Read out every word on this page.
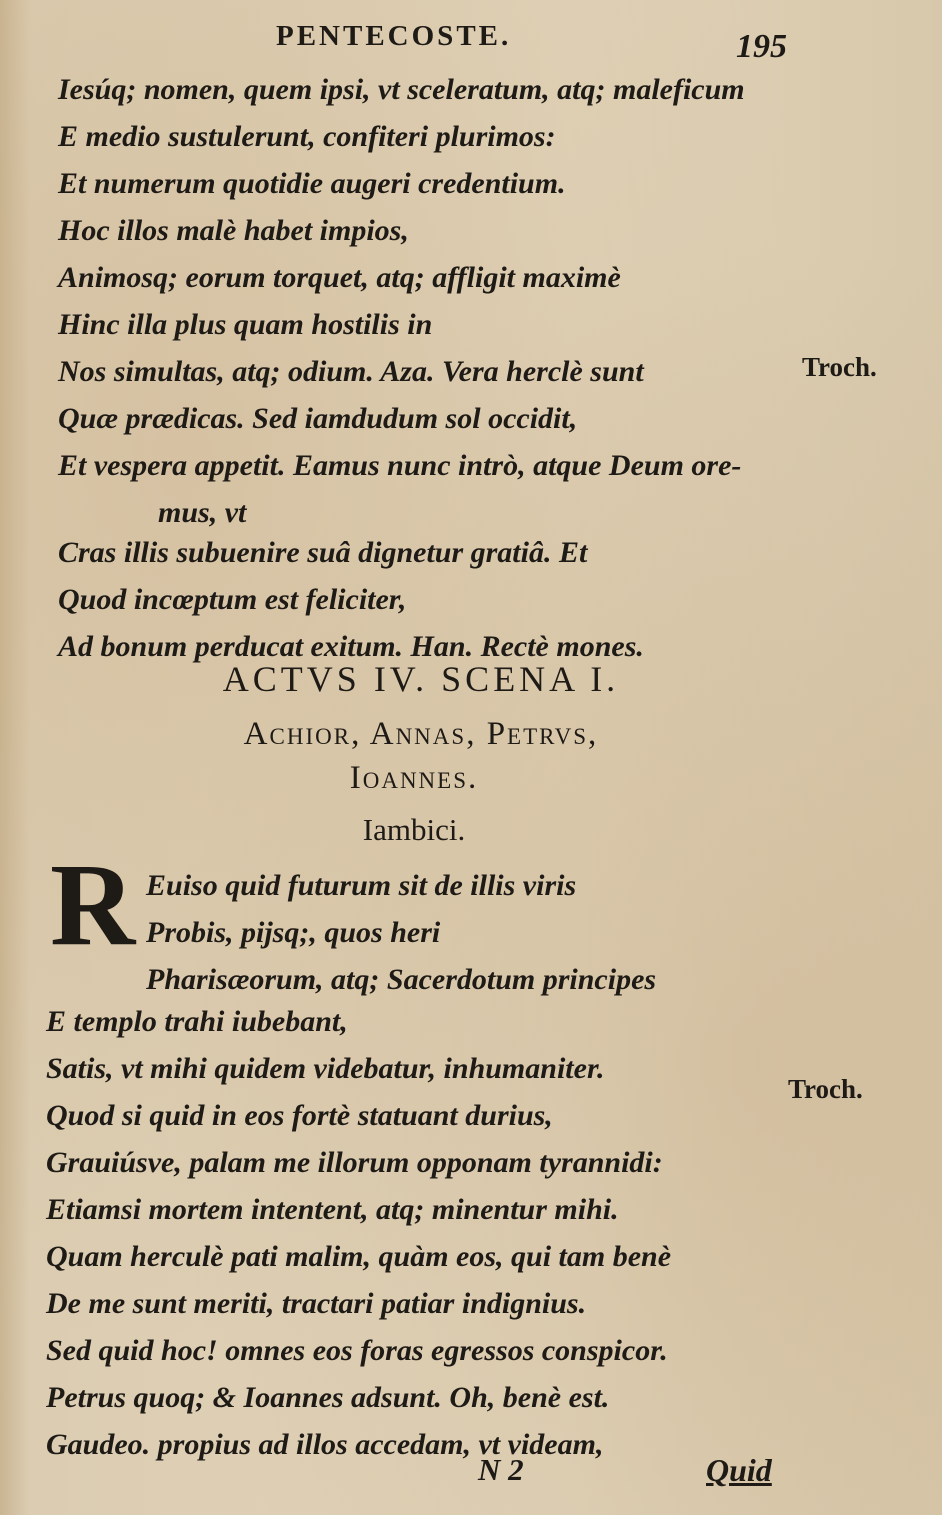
PENTECOSTE.	195
Iesúq; nomen, quem ipsi, vt sceleratum, atq; maleficum
E medio sustulerunt, confiteri plurimos:
Et numerum quotidie augeri credentium.
Hoc illos malè habet impios,
Animosq; eorum torquet, atq; affligit maximè
Hinc illa plus quam hostilis in
Nos simultas, atq; odium. Aza. Vera herclè sunt
Quæ prædicas. Sed iamdudum sol occidit,
Et vespera appetit. Eamus nunc intrò, atque Deum ore-
mus, vt
Cras illis subuenire suâ dignetur gratiâ. Et
Quod incœptum est feliciter,
Ad bonum perducat exitum. Han. Rectè mones.
Troch.
ACTVS IV. SCENA I.
Achior, Annas, Petrvs,
Ioannes.
Iambici.
R Euiso quid futurum sit de illis viris
Probis, pijsq;, quos heri
Pharisæorum, atq; Sacerdotum principes
E templo trahi iubebant,
Satis, vt mihi quidem videbatur, inhumaniter.
Quod si quid in eos fortè statuant durius,
Grauiúsve, palam me illorum opponam tyrannidi:
Etiamsi mortem intentent, atq; minentur mihi.
Quam herculè pati malim, quàm eos, qui tam benè
De me sunt meriti, tractari patiar indignius.
Sed quid hoc! omnes eos foras egressos conspicor.
Petrus quoq; & Ioannes adsunt. Oh, benè est.
Gaudeo. propius ad illos accedam, vt videam,
Troch.
N 2	Quid
